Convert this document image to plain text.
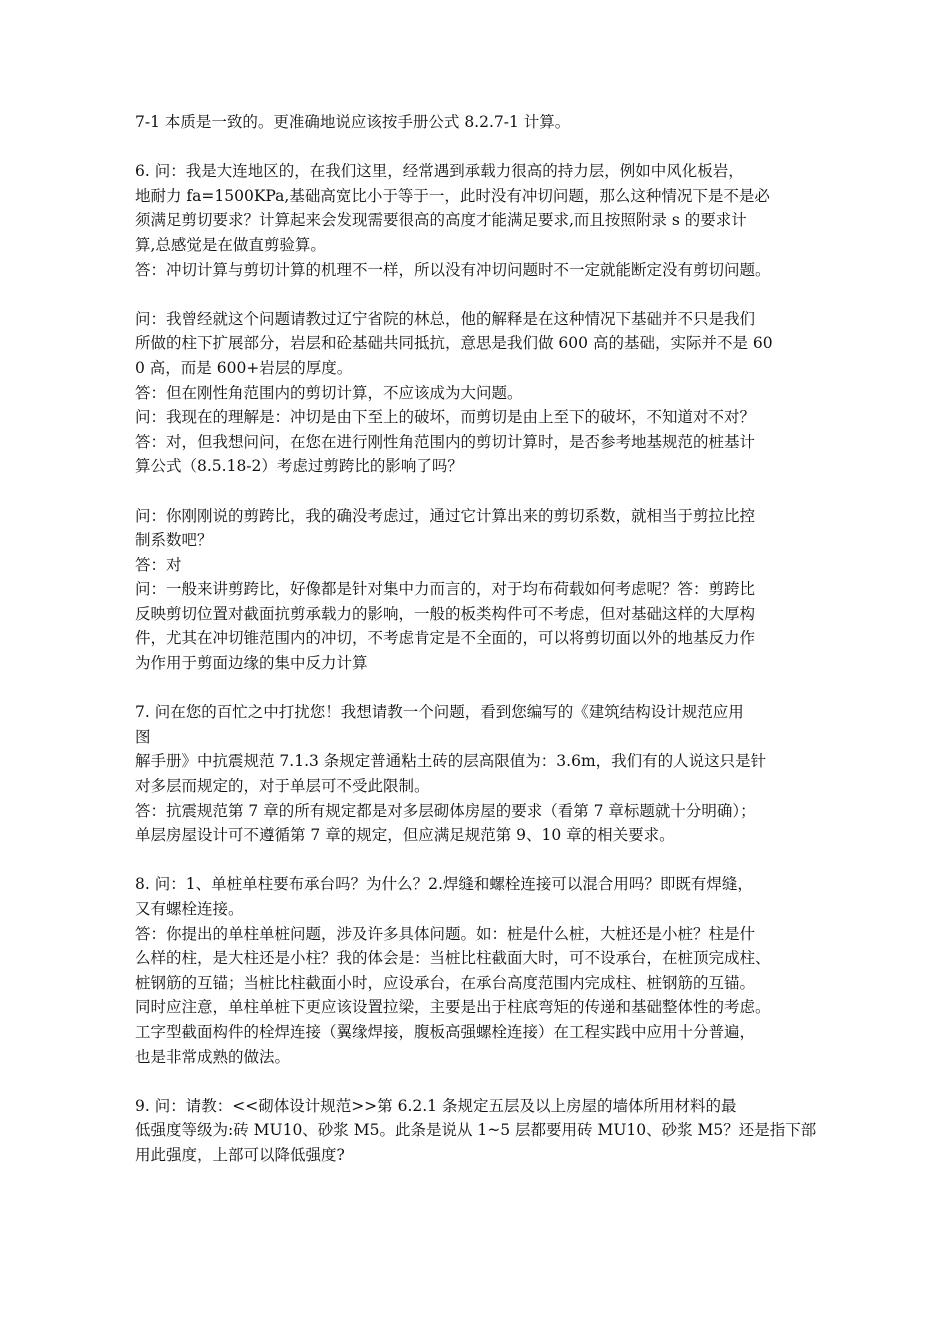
7-1 本质是一致的。更准确地说应该按手册公式 8.2.7-1 计算。
6. 问：我是大连地区的，在我们这里，经常遇到承载力很高的持力层，例如中风化板岩，
地耐力 fa=1500KPa,基础高宽比小于等于一，此时没有冲切问题，那么这种情况下是不是必
须满足剪切要求？计算起来会发现需要很高的高度才能满足要求,而且按照附录 s 的要求计
算,总感觉是在做直剪验算。
答：冲切计算与剪切计算的机理不一样，所以没有冲切问题时不一定就能断定没有剪切问题。
问：我曾经就这个问题请教过辽宁省院的林总，他的解释是在这种情况下基础并不只是我们
所做的柱下扩展部分，岩层和砼基础共同抵抗，意思是我们做 600 高的基础，实际并不是 60
0 高，而是 600+岩层的厚度。
答：但在刚性角范围内的剪切计算，不应该成为大问题。
问：我现在的理解是：冲切是由下至上的破坏，而剪切是由上至下的破坏，不知道对不对？
答：对，但我想问问，在您在进行刚性角范围内的剪切计算时，是否参考地基规范的桩基计
算公式（8.5.18-2）考虑过剪跨比的影响了吗？
问：你刚刚说的剪跨比，我的确没考虑过，通过它计算出来的剪切系数，就相当于剪拉比控
制系数吧？
答：对
问：一般来讲剪跨比，好像都是针对集中力而言的，对于均布荷载如何考虑呢？答：剪跨比
反映剪切位置对截面抗剪承载力的影响，一般的板类构件可不考虑，但对基础这样的大厚构
件，尤其在冲切锥范围内的冲切，不考虑肯定是不全面的，可以将剪切面以外的地基反力作
为作用于剪面边缘的集中反力计算
7. 问在您的百忙之中打扰您！我想请教一个问题，看到您编写的《建筑结构设计规范应用
图
解手册》中抗震规范 7.1.3 条规定普通粘土砖的层高限值为：3.6m，我们有的人说这只是针
对多层而规定的，对于单层可不受此限制。
答：抗震规范第 7 章的所有规定都是对多层砌体房屋的要求（看第 7 章标题就十分明确）；
单层房屋设计可不遵循第 7 章的规定，但应满足规范第 9、10 章的相关要求。
8. 问：1、单桩单柱要布承台吗？为什么？2.焊缝和螺栓连接可以混合用吗？即既有焊缝，
又有螺栓连接。
答：你提出的单柱单桩问题，涉及许多具体问题。如：桩是什么桩，大桩还是小桩？柱是什
么样的柱，是大柱还是小柱？我的体会是：当桩比柱截面大时，可不设承台，在桩顶完成柱、
桩钢筋的互锚；当桩比柱截面小时，应设承台，在承台高度范围内完成柱、桩钢筋的互锚。
同时应注意，单柱单桩下更应该设置拉梁，主要是出于柱底弯矩的传递和基础整体性的考虑。
工字型截面构件的栓焊连接（翼缘焊接，腹板高强螺栓连接）在工程实践中应用十分普遍，
也是非常成熟的做法。
9. 问：请教：<<砌体设计规范>>第 6.2.1 条规定五层及以上房屋的墙体所用材料的最
低强度等级为:砖 MU10、砂浆 M5。此条是说从 1~5 层都要用砖 MU10、砂浆 M5？还是指下部
用此强度，上部可以降低强度?
